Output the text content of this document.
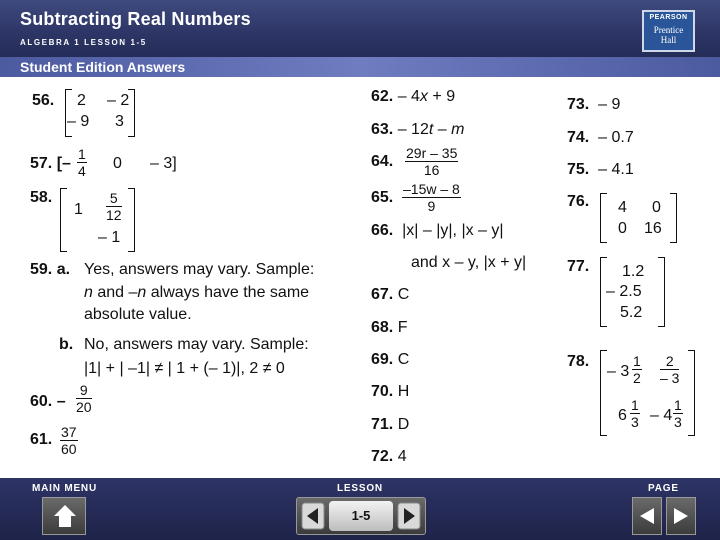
Subtracting Real Numbers
ALGEBRA 1 LESSON 1-5
PEARSON
Prentice
Hall
Student Edition Answers
56. 2 – 2
– 9 3
57. [– $\frac{1}{4} 0 - 3$]
58.
$1 \frac{5}{12}$
– 1
59. a. Yes, answers may vary. Sample:
n and –n always have the same
absolute value.
b. No, answers may vary. Sample:
|1| + | –1| ≠ | 1 + (– 1)|, 2 ≠ 0
60. – $\frac{9}{20}$
61. $\frac{37}{60}$
62. – 4x + 9
63. – 12t – m
64. $\frac{29r - 35}{16}$
65. $\frac{-15w - 8}{9}$
66. |x| – |y|, |x – y|
and x – y, |x + y|
67. C
68. F
69. C
70. H
71. D
72. 4
73. – 9
74. – 0.7
75. – 4.1
76. 4 0
0 16
77. 1.2
– 2.5
5.2
78.
– $3 \frac{1}{2} \frac{2}{- 3}$
$6 \frac{1}{3} - 4 \frac{1}{3}$
MAIN MENU	LESSON	PAGE
1-5
